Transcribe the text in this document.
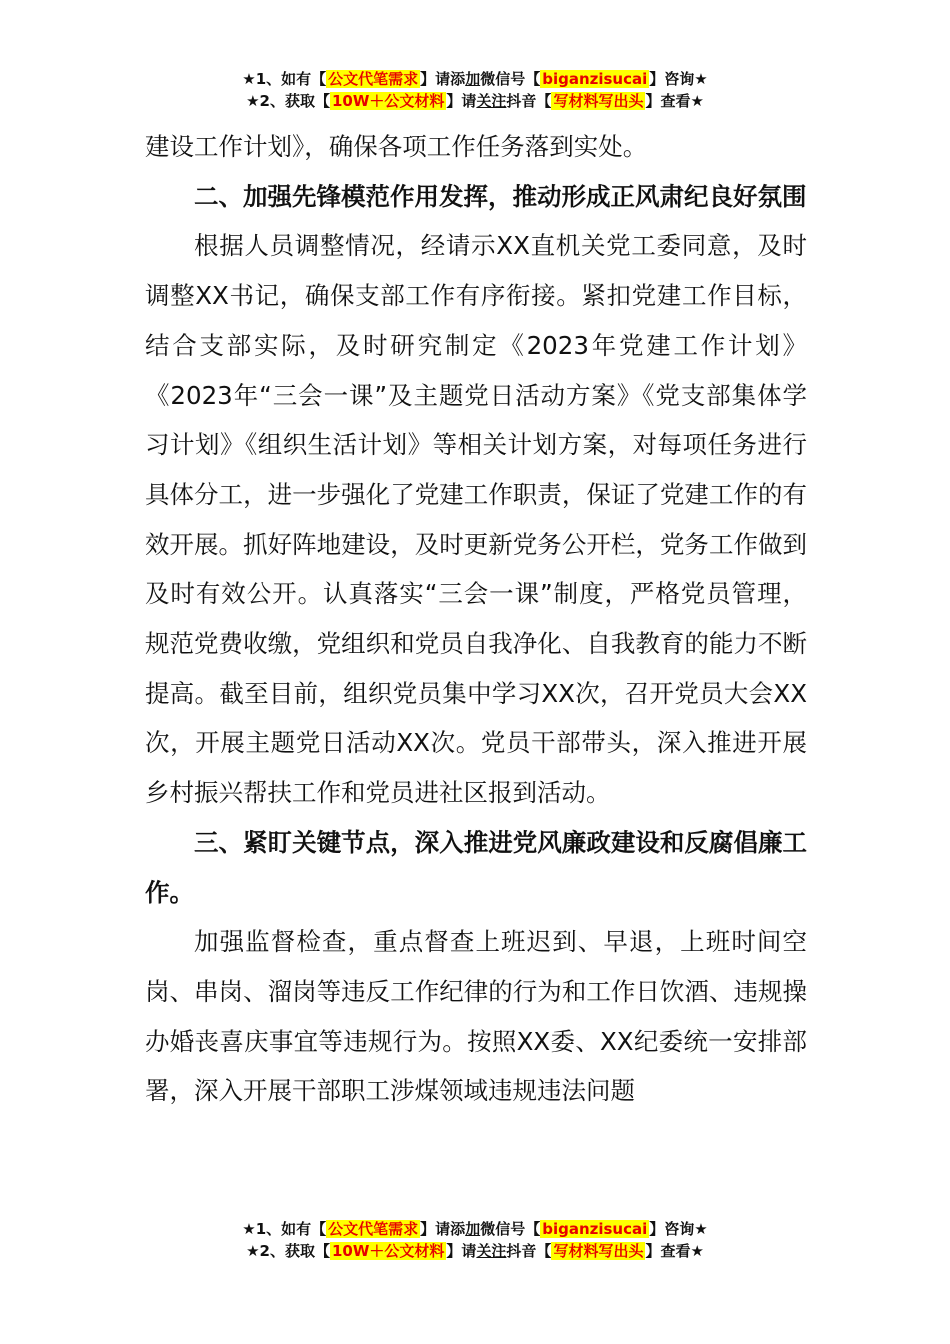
★1、如有【 公文代笔需求 】请添加微信号【 biganzisucai 】咨询★
★2、获取【 10W＋公文材料 】请关注抖音【 写材料写出头 】查看★

建设工作计划》，确保各项工作任务落到实处。

二、加强先锋模范作用发挥，推动形成正风肃纪良好氛围

根据人员调整情况，经请示XX直机关党工委同意，及时调整XX书记，确保支部工作有序衔接。紧扣党建工作目标，结合支部实际，及时研究制定《2023年党建工作计划》《2023年“三会一课”及主题党日活动方案》《党支部集体学习计划》《组织生活计划》等相关计划方案，对每项任务进行具体分工，进一步强化了党建工作职责，保证了党建工作的有效开展。抓好阵地建设，及时更新党务公开栏，党务工作做到及时有效公开。认真落实“三会一课”制度，严格党员管理，规范党费收缴，党组织和党员自我净化、自我教育的能力不断提高。截至目前，组织党员集中学习XX次，召开党员大会XX次，开展主题党日活动XX次。党员干部带头，深入推进开展乡村振兴帮扶工作和党员进社区报到活动。

三、紧盯关键节点，深入推进党风廉政建设和反腐倡廉工作。

加强监督检查，重点督查上班迟到、早退，上班时间空岗、串岗、溜岗等违反工作纪律的行为和工作日饮酒、违规操办婚丧喜庆事宜等违规行为。按照XX委、XX纪委统一安排部署，深入开展干部职工涉煤领域违规违法问题

★1、如有【 公文代笔需求 】请添加微信号【 biganzisucai 】咨询★
★2、获取【 10W＋公文材料 】请关注抖音【 写材料写出头 】查看★
